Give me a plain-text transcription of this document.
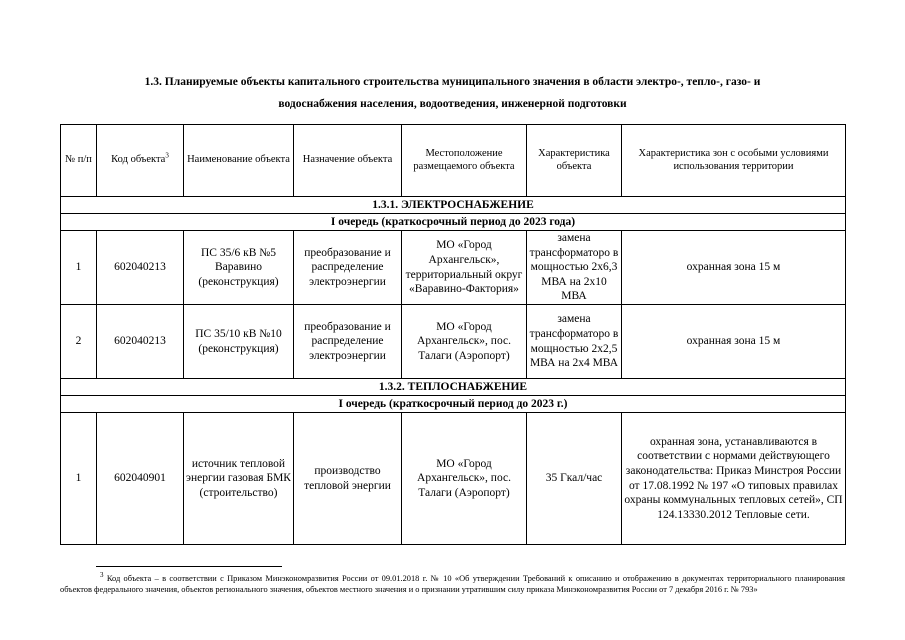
1.3. Планируемые объекты капитального строительства муниципального значения в области электро-, тепло-, газо- и
водоснабжения населения, водоотведения, инженерной подготовки
№ п/п	Код объекта$^3$	Наименование объекта	Назначение объекта	Местоположение размещаемого объекта	Характеристика объекта	Характеристика зон с особыми условиями использования территории
1.3.1. ЭЛЕКТРОСНАБЖЕНИЕ						
I очередь (краткосрочный период до 2023 года)						
1	602040213	ПС 35/6 кВ №5 Варавино (реконструкция)	преобразование и распределение электроэнергии	МО «Город Архангельск», территориальный округ «Варавино-Фактория»	замена трансформаторо в мощностью 2х6,3 МВА на 2х10 МВА	охранная зона 15 м
2	602040213	ПС 35/10 кВ №10 (реконструкция)	преобразование и распределение электроэнергии	МО «Город Архангельск», пос. Талаги (Аэропорт)	замена трансформаторо в мощностью 2х2,5 МВА на 2х4 МВА	охранная зона 15 м
1.3.2. ТЕПЛОСНАБЖЕНИЕ						
I очередь (краткосрочный период до 2023 г.)						
1	602040901	источник тепловой энергии газовая БМК (строительство)	производство тепловой энергии	МО «Город Архангельск», пос. Талаги (Аэропорт)	35 Гкал/час	охранная зона, устанавливаются в соответствии с нормами действующего законодательства: Приказ Минстроя России от 17.08.1992 № 197 «О типовых правилах охраны коммунальных тепловых сетей», СП 124.13330.2012 Тепловые сети.
$^3$ Код объекта – в соответствии с Приказом Минэкономразвития России от 09.01.2018 г. № 10 «Об утверждении Требований к описанию и отображению в документах территориального планирования объектов федерального значения, объектов регионального значения, объектов местного значения и о признании утратившим силу приказа Минэкономразвития России от 7 декабря 2016 г. № 793»
